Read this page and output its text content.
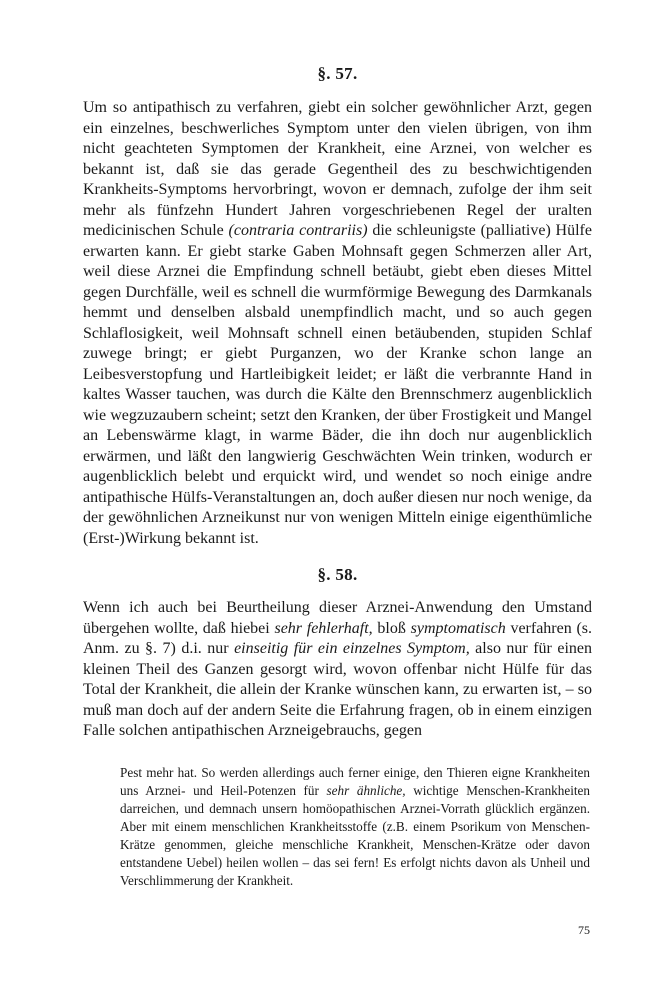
§. 57.

Um so antipathisch zu verfahren, giebt ein solcher gewöhnlicher Arzt, gegen ein einzelnes, beschwerliches Symptom unter den vielen übrigen, von ihm nicht geachteten Symptomen der Krankheit, eine Arznei, von welcher es bekannt ist, daß sie das gerade Gegentheil des zu beschwichtigenden Krankheits-Symptoms hervorbringt, wovon er demnach, zufolge der ihm seit mehr als fünfzehn Hundert Jahren vorgeschriebenen Regel der uralten medicinischen Schule (contraria contrariis) die schleunigste (palliative) Hülfe erwarten kann. Er giebt starke Gaben Mohnsaft gegen Schmerzen aller Art, weil diese Arznei die Empfindung schnell betäubt, giebt eben dieses Mittel gegen Durchfälle, weil es schnell die wurmförmige Bewegung des Darmkanals hemmt und denselben alsbald unempfindlich macht, und so auch gegen Schlaflosigkeit, weil Mohnsaft schnell einen betäubenden, stupiden Schlaf zuwege bringt; er giebt Purganzen, wo der Kranke schon lange an Leibesverstopfung und Hartleibigkeit leidet; er läßt die verbrannte Hand in kaltes Wasser tauchen, was durch die Kälte den Brennschmerz augenblicklich wie wegzuzaubern scheint; setzt den Kranken, der über Frostigkeit und Mangel an Lebenswärme klagt, in warme Bäder, die ihn doch nur augenblicklich erwärmen, und läßt den langwierig Geschwächten Wein trinken, wodurch er augenblicklich belebt und erquickt wird, und wendet so noch einige andre antipathische Hülfs-Veranstaltungen an, doch außer diesen nur noch wenige, da der gewöhnlichen Arzneikunst nur von wenigen Mitteln einige eigenthümliche (Erst-)Wirkung bekannt ist.

§. 58.

Wenn ich auch bei Beurtheilung dieser Arznei-Anwendung den Umstand übergehen wollte, daß hiebei sehr fehlerhaft, bloß symptomatisch verfahren (s. Anm. zu §. 7) d.i. nur einseitig für ein einzelnes Symptom, also nur für einen kleinen Theil des Ganzen gesorgt wird, wovon offenbar nicht Hülfe für das Total der Krankheit, die allein der Kranke wünschen kann, zu erwarten ist, – so muß man doch auf der andern Seite die Erfahrung fragen, ob in einem einzigen Falle solchen antipathischen Arzneigebrauchs, gegen

Pest mehr hat. So werden allerdings auch ferner einige, den Thieren eigne Krankheiten uns Arznei- und Heil-Potenzen für sehr ähnliche, wichtige Menschen-Krankheiten darreichen, und demnach unsern homöopathischen Arznei-Vorrath glücklich ergänzen. Aber mit einem menschlichen Krankheitsstoffe (z.B. einem Psorikum von Menschen-Krätze genommen, gleiche menschliche Krankheit, Menschen-Krätze oder davon entstandene Uebel) heilen wollen – das sei fern! Es erfolgt nichts davon als Unheil und Verschlimmerung der Krankheit.

75
